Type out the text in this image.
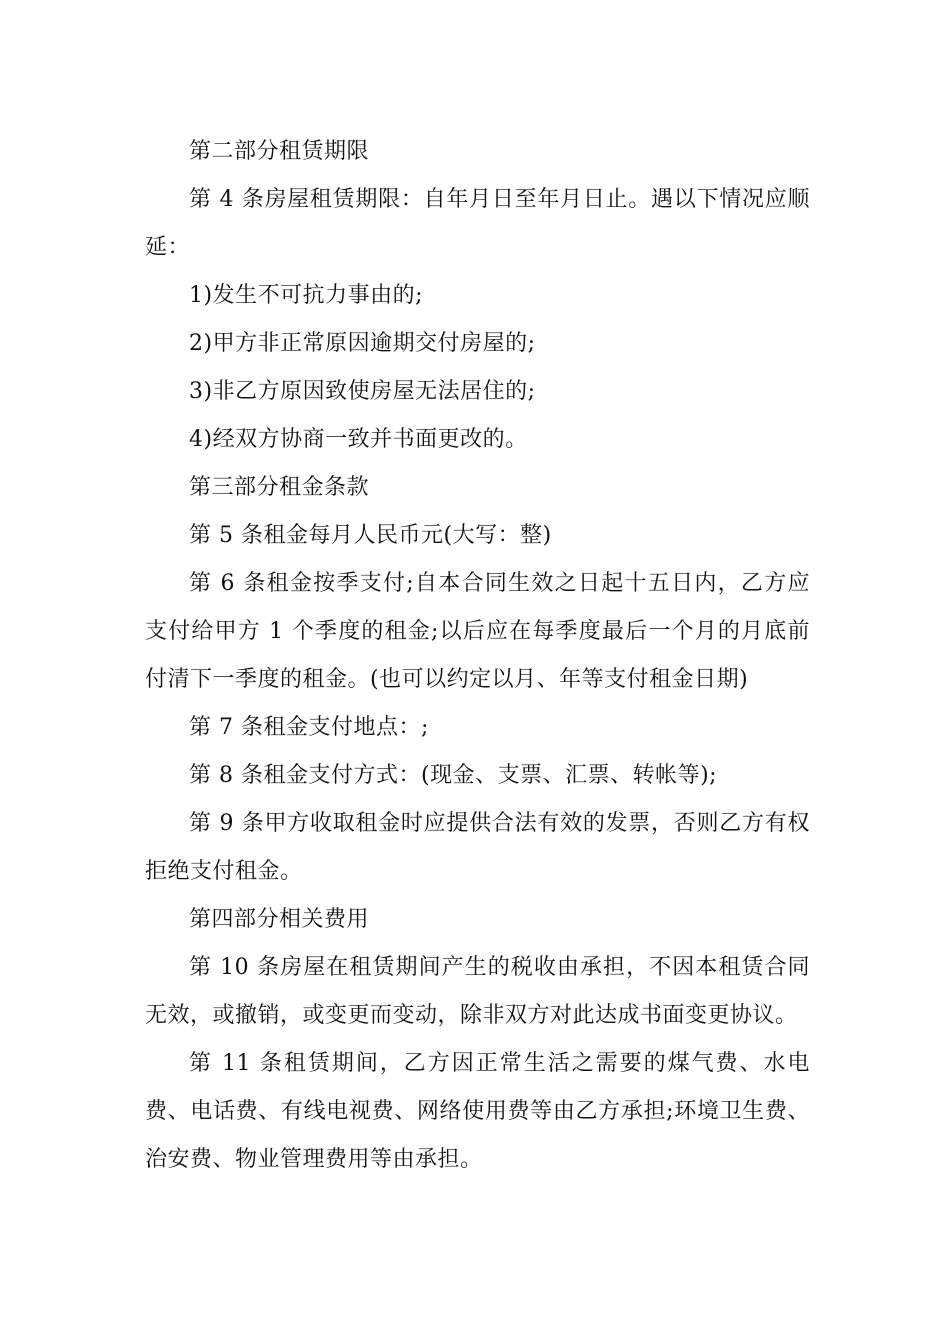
第二部分租赁期限

第 4 条房屋租赁期限：自年月日至年月日止。遇以下情况应顺延：

1)发生不可抗力事由的;

2)甲方非正常原因逾期交付房屋的;

3)非乙方原因致使房屋无法居住的;

4)经双方协商一致并书面更改的。

第三部分租金条款

第 5 条租金每月人民币元(大写：整)

第 6 条租金按季支付;自本合同生效之日起十五日内，乙方应支付给甲方 1 个季度的租金;以后应在每季度最后一个月的月底前付清下一季度的租金。(也可以约定以月、年等支付租金日期)

第 7 条租金支付地点：;

第 8 条租金支付方式：(现金、支票、汇票、转帐等);

第 9 条甲方收取租金时应提供合法有效的发票，否则乙方有权拒绝支付租金。

第四部分相关费用

第 10 条房屋在租赁期间产生的税收由承担，不因本租赁合同无效，或撤销，或变更而变动，除非双方对此达成书面变更协议。

第 11 条租赁期间，乙方因正常生活之需要的煤气费、水电费、电话费、有线电视费、网络使用费等由乙方承担;环境卫生费、治安费、物业管理费用等由承担。
